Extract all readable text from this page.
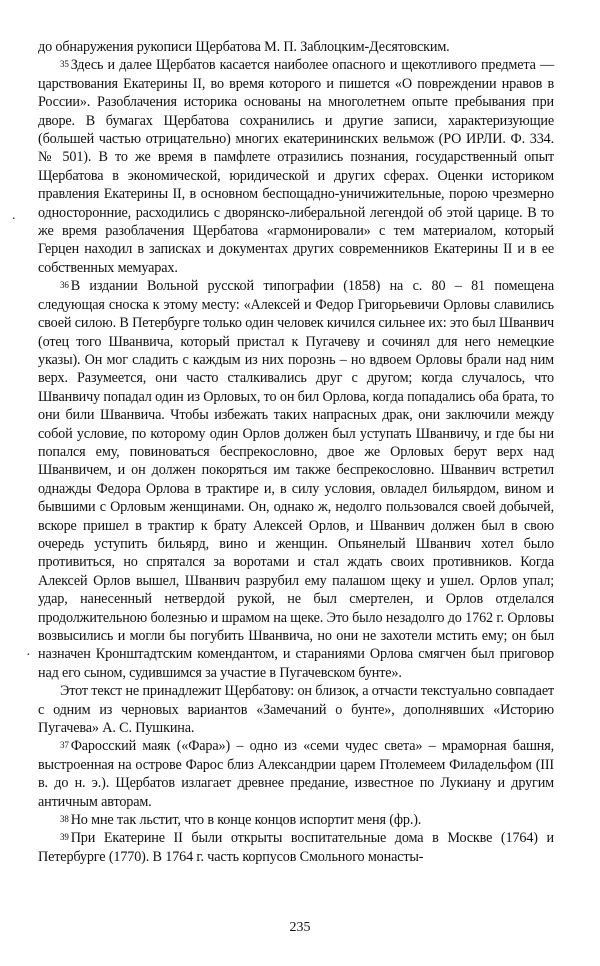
до обнаружения рукописи Щербатова М. П. Заблоцким-Десятовским.

$^{35}$ Здесь и далее Щербатов касается наиболее опасного и щекотливого предмета — царствования Екатерины II, во время которого и пишется «О повреждении нравов в России». Разоблачения историка основаны на многолетнем опыте пребывания при дворе. В бумагах Щербатова сохранились и другие записи, характеризующие (большей частью отрицательно) многих екатерининских вельмож (РО ИРЛИ. Ф. 334. № 501). В то же время в памфлете отразились познания, государственный опыт Щербатова в экономической, юридической и других сферах. Оценки историком правления Екатерины II, в основном беспощадно-уничижительные, порою чрезмерно односторонние, расходились с дворянско-либеральной легендой об этой царице. В то же время разоблачения Щербатова «гармонировали» с тем материалом, который Герцен находил в записках и документах других современников Екатерины II и в ее собственных мемуарах.

$^{36}$ В издании Вольной русской типографии (1858) на с. 80 – 81 помещена следующая сноска к этому месту: «Алексей и Федор Григорьевичи Орловы славились своей силою. В Петербурге только один человек кичился сильнее их: это был Шванвич (отец того Шванвича, который пристал к Пугачеву и сочинял для него немецкие указы). Он мог сладить с каждым из них порознь – но вдвоем Орловы брали над ним верх. Разумеется, они часто сталкивались друг с другом; когда случалось, что Шванвичу попадал один из Орловых, то он бил Орлова, когда попадались оба брата, то они били Шванвича. Чтобы избежать таких напрасных драк, они заключили между собой условие, по которому один Орлов должен был уступать Шванвичу, и где бы ни попался ему, повиноваться беспрекословно, двое же Орловых берут верх над Шванвичем, и он должен покоряться им также беспрекословно. Шванвич встретил однажды Федора Орлова в трактире и, в силу условия, овладел бильярдом, вином и бывшими с Орловым женщинами. Он, однако ж, недолго пользовался своей добычей, вскоре пришел в трактир к брату Алексей Орлов, и Шванвич должен был в свою очередь уступить бильярд, вино и женщин. Опьянелый Шванвич хотел было противиться, но спрятался за воротами и стал ждать своих противников. Когда Алексей Орлов вышел, Шванвич разрубил ему палашом щеку и ушел. Орлов упал; удар, нанесенный нетвердой рукой, не был смертелен, и Орлов отделался продолжительною болезнью и шрамом на щеке. Это было незадолго до 1762 г. Орловы возвысились и могли бы погубить Шванвича, но они не захотели мстить ему; он был назначен Кронштадтским комендантом, и стараниями Орлова смягчен был приговор над его сыном, судившимся за участие в Пугачевском бунте».

Этот текст не принадлежит Щербатову: он близок, а отчасти текстуально совпадает с одним из черновых вариантов «Замечаний о бунте», дополнявших «Историю Пугачева» А. С. Пушкина.

$^{37}$ Фаросский маяк («Фара») – одно из «семи чудес света» – мраморная башня, выстроенная на острове Фарос близ Александрии царем Птолемеем Филадельфом (III в. до н. э.). Щербатов излагает древнее предание, известное по Лукиану и другим античным авторам.

$^{38}$ Но мне так льстит, что в конце концов испортит меня (фр.).

$^{39}$ При Екатерине II были открыты воспитательные дома в Москве (1764) и Петербурге (1770). В 1764 г. часть корпусов Смольного монасты-

.
·
235
